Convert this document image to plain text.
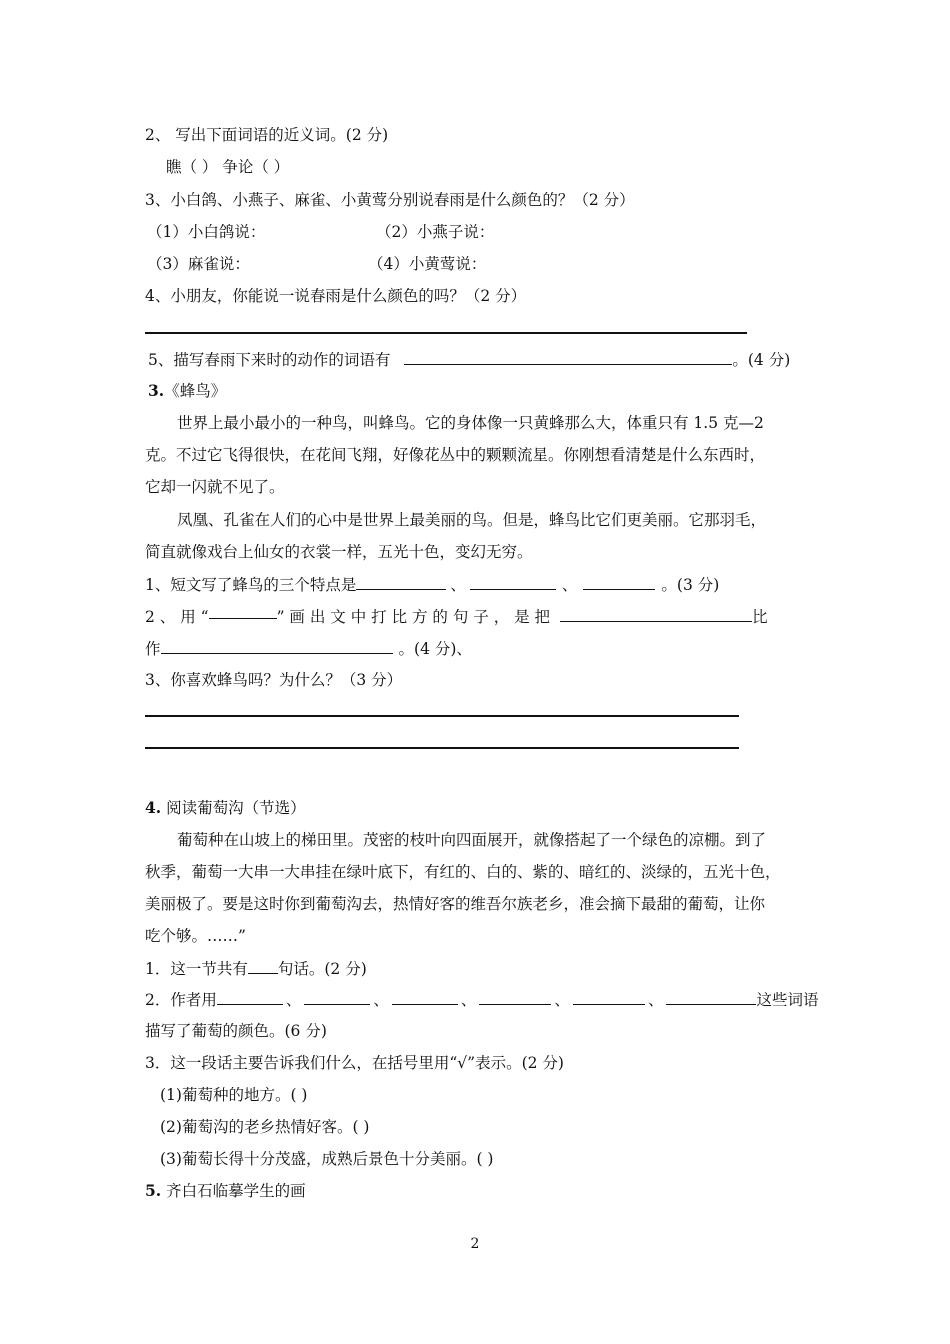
2、 写出下面词语的近义词。(2 分)
瞧（ ） 争论（ ）
3、小白鸽、小燕子、麻雀、小黄莺分别说春雨是什么颜色的？（2 分）
（1）小白鸽说：	（2）小燕子说：
（3）麻雀说：	（4）小黄莺说：
4、小朋友，你能说一说春雨是什么颜色的吗？（2 分）
5、描写春雨下来时的动作的词语有	。(4 分)
3.《蜂鸟》
世界上最小最小的一种鸟，叫蜂鸟。它的身体像一只黄蜂那么大，体重只有 1.5 克—2
克。不过它飞得很快，在花间飞翔，好像花丛中的颗颗流星。你刚想看清楚是什么东西时，
它却一闪就不见了。
凤凰、孔雀在人们的心中是世界上最美丽的鸟。但是，蜂鸟比它们更美丽。它那羽毛，
简直就像戏台上仙女的衣裳一样，五光十色，变幻无穷。
1、短文写了蜂鸟的三个特点是	、	、	。(3 分)
2 、 用 “	” 画 出 文 中 打 比 方 的 句 子 ， 是 把	比
作	。(4 分)、
3、你喜欢蜂鸟吗？为什么？（3 分）
4. 阅读葡萄沟（节选）
葡萄种在山坡上的梯田里。茂密的枝叶向四面展开，就像搭起了一个绿色的凉棚。到了
秋季，葡萄一大串一大串挂在绿叶底下，有红的、白的、紫的、暗红的、淡绿的，五光十色，
美丽极了。要是这时你到葡萄沟去，热情好客的维吾尔族老乡，准会摘下最甜的葡萄，让你
吃个够。……”
1．这一节共有 句话。(2 分)
2．作者用	、	、	、	、	、	这些词语
描写了葡萄的颜色。(6 分)
3．这一段话主要告诉我们什么，在括号里用“√”表示。(2 分)
(1)葡萄种的地方。( )
(2)葡萄沟的老乡热情好客。( )
(3)葡萄长得十分茂盛，成熟后景色十分美丽。( )
5. 齐白石临摹学生的画
2
